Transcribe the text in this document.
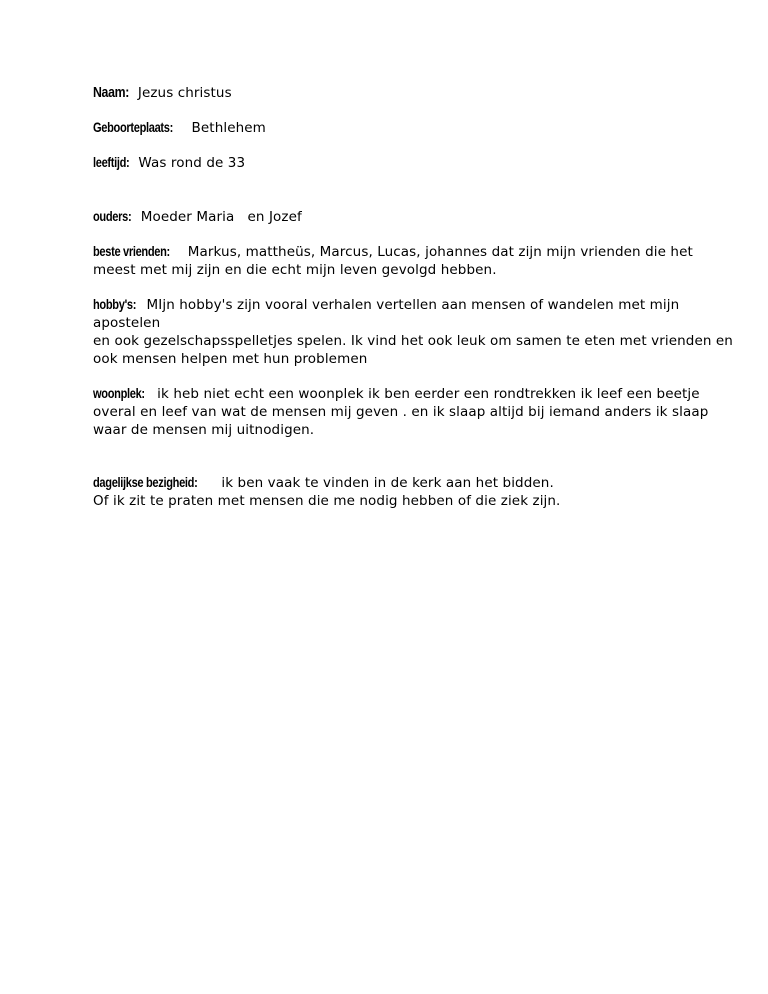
Naam: Jezus christus

Geboorteplaats: Bethlehem

leeftijd: Was rond de 33

ouders: Moeder Maria   en Jozef

beste vrienden: Markus, mattheüs, Marcus, Lucas, johannes dat zijn mijn vrienden die het meest met mij zijn en die echt mijn leven gevolgd hebben.

hobby's: MIjn hobby's zijn vooral verhalen vertellen aan mensen of wandelen met mijn apostelen
en ook gezelschapsspelletjes spelen. Ik vind het ook leuk om samen te eten met vrienden en ook mensen helpen met hun problemen

woonplek: ik heb niet echt een woonplek ik ben eerder een rondtrekken ik leef een beetje overal en leef van wat de mensen mij geven . en ik slaap altijd bij iemand anders ik slaap waar de mensen mij uitnodigen.

dagelijkse bezigheid: ik ben vaak te vinden in de kerk aan het bidden.
Of ik zit te praten met mensen die me nodig hebben of die ziek zijn.
